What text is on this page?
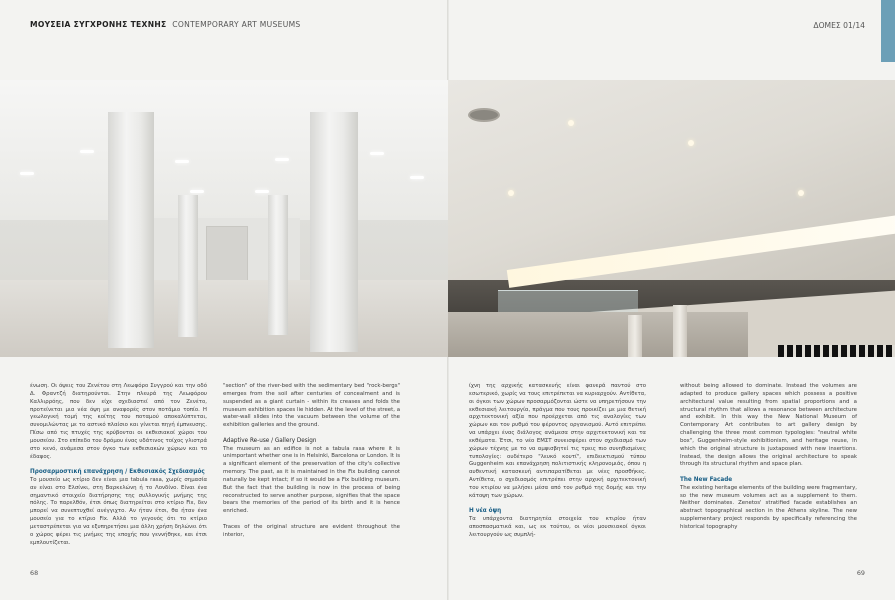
ΜΟΥΣΕΙΑ ΣΥΓΧΡΟΝΗΣ ΤΕΧΝΗΣ CONTEMPORARY ART MUSEUMS	ΔΟΜΕΣ 01/14

ένωση. Οι όψεις του Ζενέτου στη Λεωφόρο Συγγρού και την οδό Δ. Φραντζή διατηρούνται. Στην πλευρά της Λεωφόρου Καλλιρρόης, που δεν είχε σχεδιαστεί από τον Ζενέτο, προτείνεται μια νέα όψη με αναφορές στον ποτάμιο τοπίο. Η γεωλογική τομή της κοίτης του ποταμού αποκαλύπτεται, συνομιλώντας με το αστικό πλαίσιο και γίνεται πηγή έμπνευσης. Πίσω από τις πτυχές της κρύβονται οι εκθεσιακοί χώροι του μουσείου. Στο επίπεδο του δρόμου ένας υδάτινος τοίχος γλιστρά στο κενό, ανάμεσα στον όγκο των εκθεσιακών χώρων και το έδαφος.

Προσαρμοστική επανάχρηση / Εκθεσιακός Σχεδιασμός

Το μουσείο ως κτίριο δεν είναι μια tabula rasa, χωρίς σημασία αν είναι στο Ελσίνκι, στη Βαρκελώνη ή το Λονδίνο. Είναι ένα σημαντικό στοιχείο διατήρησης της συλλογικής μνήμης της πόλης. Το παρελθόν, έτσι όπως διατηρείται στο κτίριο Fix, δεν μπορεί να συνεπτυχθεί ανέγγιχτο. Αν ήταν έτσι, θα ήταν ένα μουσείο για το κτίριο Fix. Αλλά το γεγονός ότι το κτίριο μεταστρέπεται για να εξυπηρετήσει μια άλλη χρήση δηλώνει ότι ο χώρος φέρει τις μνήμες της εποχής που γεννήθηκε, και έτσι εμπλουτίζεται.

"section" of the river-bed with the sedimentary bed "rock-bergs" emerges from the soil after centuries of concealment and is suspended as a giant curtain - within its creases and folds the museum exhibition spaces lie hidden. At the level of the street, a water-wall slides into the vacuum between the volume of the exhibition galleries and the ground.

Adaptive Re-use / Gallery Design

The museum as an edifice is not a tabula rasa where it is unimportant whether one is in Helsinki, Barcelona or London. It is a significant element of the preservation of the city's collective memory. The past, as it is maintained in the Fix building cannot naturally be kept intact; if so it would be a Fix building museum. But the fact that the building is now in the process of being reconstructed to serve another purpose, signifies that the space bears the memories of the period of its birth and it is hence enriched.

Traces of the original structure are evident throughout the interior,

ίχνη της αρχικής κατασκευής είναι φανερά παντού στο εσωτερικό, χωρίς να τους επιτρέπεται να κυριαρχούν. Αντίθετα, οι όγκοι των χώρων προσαρμόζονται ώστε να υπηρετήσουν την εκθεσιακή λειτουργία, πράγμα που τους προικίζει με μια θετική αρχιτεκτονική αξία που προέρχεται από τις αναλογίες των χώρων και τον ρυθμό του φέροντος οργανισμού. Αυτό επιτρέπει να υπάρχει ένας διάλογος ανάμεσα στην αρχιτεκτονική και τα εκθέματα. Έτσι, το νέο ΕΜΣΤ συνεισφέρει στον σχεδιασμό των χώρων τέχνης με το να αμφισβητεί τις τρεις πιο συνηθισμένες τυπολογίες: ουδέτερο "λευκό κουτί", επιδεικτισμού τύπου Guggenheim και επανάχρηση πολιτιστικής κληρονομιάς, όπου η αυθεντική κατασκευή αντιπαρατίθεται με νέες προσθήκες. Αντίθετα, ο σχεδιασμός επιτρέπει στην αρχική αρχιτεκτονική του κτιρίου να μιλήσει μέσα από τον ρυθμό της δομής και την κάτοψη των χώρων.

Η νέα όψη

Τα υπάρχοντα διατηρητέα στοιχεία του κτιρίου ήταν αποσπασματικά και, ως εκ τούτου, οι νέοι μουσειακοί όγκοι λειτουργούν ως συμπλή-

without being allowed to dominate. Instead the volumes are adapted to produce gallery spaces which possess a positive architectural value resulting from spatial proportions and a structural rhythm that allows a resonance between architecture and exhibit. In this way the New National Museum of Contemporary Art contributes to art gallery design by challenging the three most common typologies: "neutral white box", Guggenheim-style exhibitionism, and heritage reuse, in which the original structure is juxtaposed with new insertions. Instead, the design allows the original architecture to speak through its structural rhythm and space plan.

The New Facade

The existing heritage elements of the building were fragmentary, so the new museum volumes act as a supplement to them. Neither dominates. Zenetos' stratified facade establishes an abstract topographical section in the Athens skyline. The new supplementary project responds by specifically referencing the historical topography

68	69
